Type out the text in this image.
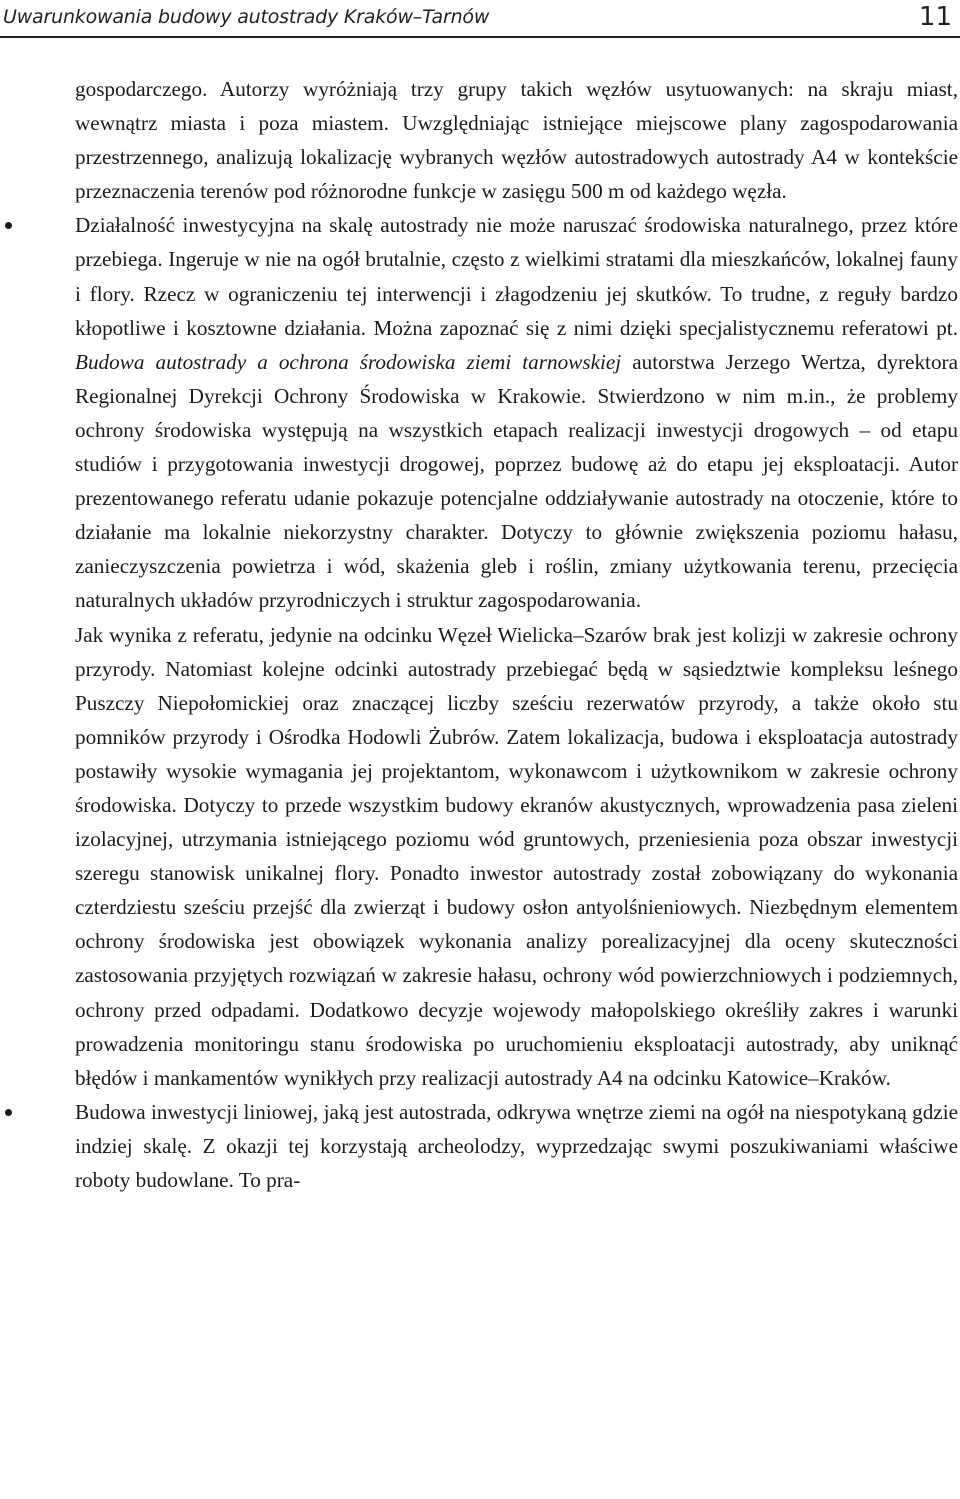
Uwarunkowania budowy autostrady Kraków–Tarnów	11

gospodarczego. Autorzy wyróżniają trzy grupy takich węzłów usytuowanych: na skraju miast, wewnątrz miasta i poza miastem. Uwzględniając istniejące miejscowe plany zagospodarowania przestrzennego, analizują lokalizację wybranych węzłów autostradowych autostrady A4 w kontekście przeznaczenia terenów pod różnorodne funkcje w zasięgu 500 m od każdego węzła.

Działalność inwestycyjna na skalę autostrady nie może naruszać środowiska naturalnego, przez które przebiega. Ingeruje w nie na ogół brutalnie, często z wielkimi stratami dla mieszkańców, lokalnej fauny i flory. Rzecz w ograniczeniu tej interwencji i złagodzeniu jej skutków. To trudne, z reguły bardzo kłopotliwe i kosztowne działania. Można zapoznać się z nimi dzięki specjalistycznemu referatowi pt. Budowa autostrady a ochrona środowiska ziemi tarnowskiej autorstwa Jerzego Wertza, dyrektora Regionalnej Dyrekcji Ochrony Środowiska w Krakowie. Stwierdzono w nim m.in., że problemy ochrony środowiska występują na wszystkich etapach realizacji inwestycji drogowych – od etapu studiów i przygotowania inwestycji drogowej, poprzez budowę aż do etapu jej eksploatacji. Autor prezentowanego referatu udanie pokazuje potencjalne oddziaływanie autostrady na otoczenie, które to działanie ma lokalnie niekorzystny charakter. Dotyczy to głównie zwiększenia poziomu hałasu, zanieczyszczenia powietrza i wód, skażenia gleb i roślin, zmiany użytkowania terenu, przecięcia naturalnych układów przyrodniczych i struktur zagospodarowania.

Jak wynika z referatu, jedynie na odcinku Węzeł Wielicka–Szarów brak jest kolizji w zakresie ochrony przyrody. Natomiast kolejne odcinki autostrady przebiegać będą w sąsiedztwie kompleksu leśnego Puszczy Niepołomickiej oraz znaczącej liczby sześciu rezerwatów przyrody, a także około stu pomników przyrody i Ośrodka Hodowli Żubrów. Zatem lokalizacja, budowa i eksploatacja autostrady postawiły wysokie wymagania jej projektantom, wykonawcom i użytkownikom w zakresie ochrony środowiska. Dotyczy to przede wszystkim budowy ekranów akustycznych, wprowadzenia pasa zieleni izolacyjnej, utrzymania istniejącego poziomu wód gruntowych, przeniesienia poza obszar inwestycji szeregu stanowisk unikalnej flory. Ponadto inwestor autostrady został zobowiązany do wykonania czterdziestu sześciu przejść dla zwierząt i budowy osłon antyolśnieniowych. Niezbędnym elementem ochrony środowiska jest obowiązek wykonania analizy porealizacyjnej dla oceny skuteczności zastosowania przyjętych rozwiązań w zakresie hałasu, ochrony wód powierzchniowych i podziemnych, ochrony przed odpadami. Dodatkowo decyzje wojewody małopolskiego określiły zakres i warunki prowadzenia monitoringu stanu środowiska po uruchomieniu eksploatacji autostrady, aby uniknąć błędów i mankamentów wynikłych przy realizacji autostrady A4 na odcinku Katowice–Kraków.

Budowa inwestycji liniowej, jaką jest autostrada, odkrywa wnętrze ziemi na ogół na niespotykaną gdzie indziej skalę. Z okazji tej korzystają archeolodzy, wyprzedzając swymi poszukiwaniami właściwe roboty budowlane. To pra-
